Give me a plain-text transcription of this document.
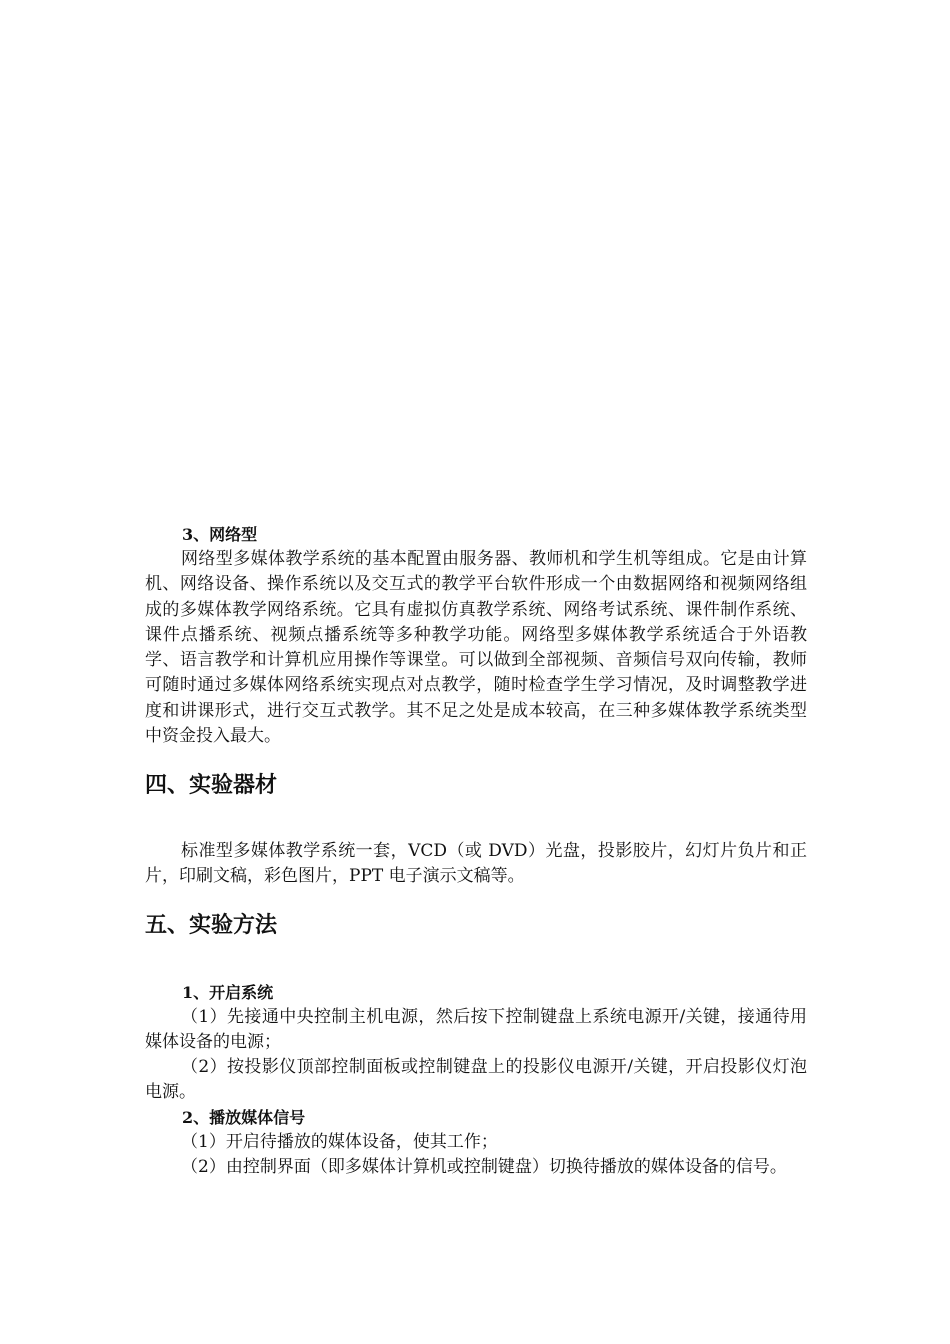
3、网络型

网络型多媒体教学系统的基本配置由服务器、教师机和学生机等组成。它是由计算机、网络设备、操作系统以及交互式的教学平台软件形成一个由数据网络和视频网络组成的多媒体教学网络系统。它具有虚拟仿真教学系统、网络考试系统、课件制作系统、课件点播系统、视频点播系统等多种教学功能。网络型多媒体教学系统适合于外语教学、语言教学和计算机应用操作等课堂。可以做到全部视频、音频信号双向传输，教师可随时通过多媒体网络系统实现点对点教学，随时检查学生学习情况，及时调整教学进度和讲课形式，进行交互式教学。其不足之处是成本较高，在三种多媒体教学系统类型中资金投入最大。

四、实验器材

标准型多媒体教学系统一套，VCD（或 DVD）光盘，投影胶片，幻灯片负片和正片，印刷文稿，彩色图片，PPT 电子演示文稿等。

五、实验方法

1、开启系统

（1）先接通中央控制主机电源，然后按下控制键盘上系统电源开/关键，接通待用媒体设备的电源；

（2）按投影仪顶部控制面板或控制键盘上的投影仪电源开/关键，开启投影仪灯泡电源。

2、播放媒体信号

（1）开启待播放的媒体设备，使其工作；

（2）由控制界面（即多媒体计算机或控制键盘）切换待播放的媒体设备的信号。
